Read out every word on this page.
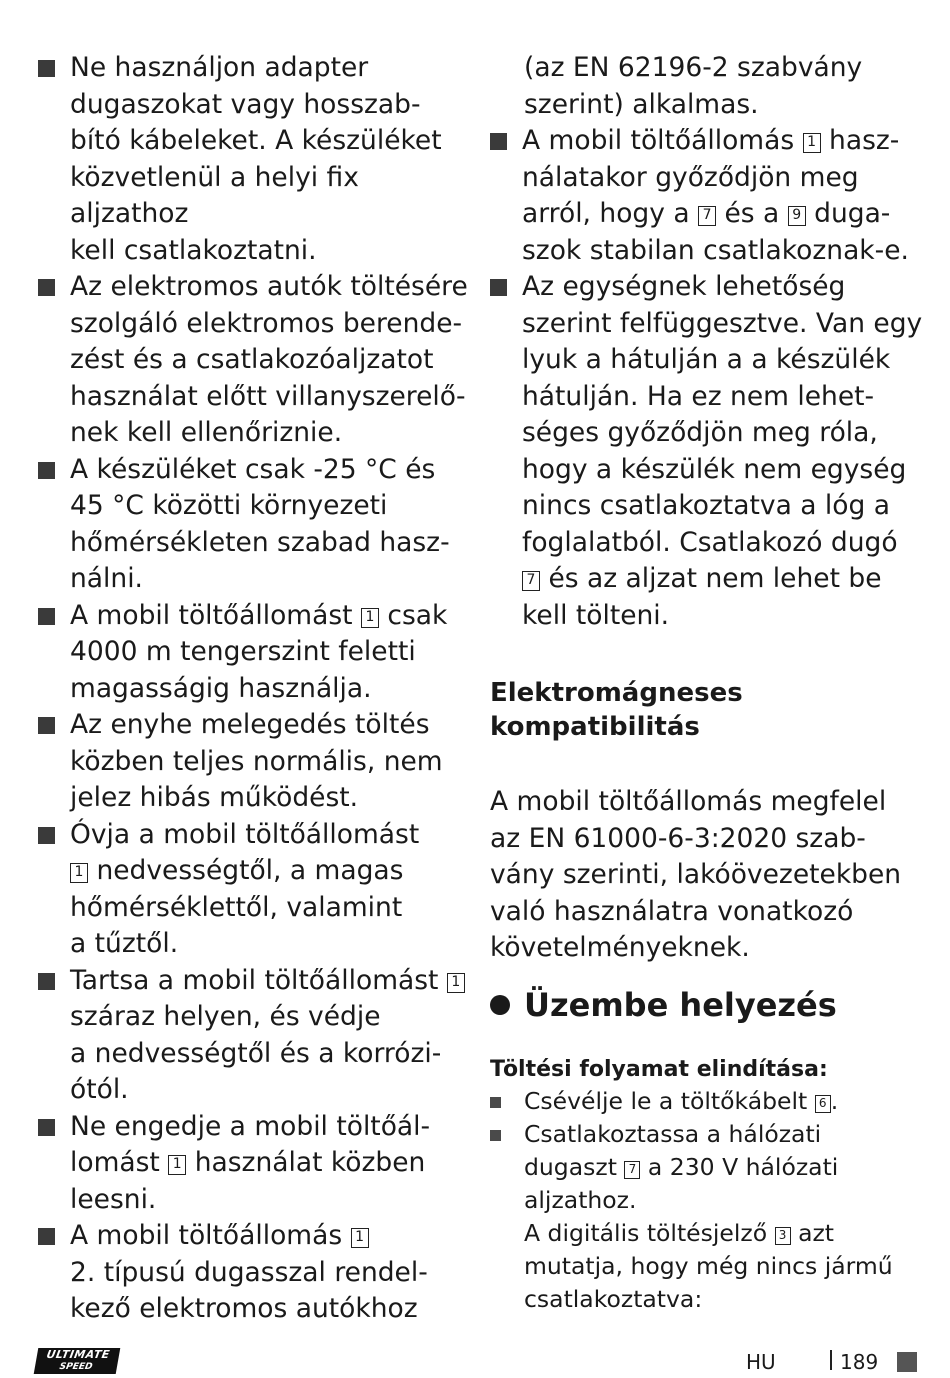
Ne használjon adapter
dugaszokat vagy hosszab-
bító kábeleket. A készüléket
közvetlenül a helyi fix aljzathoz
kell csatlakoztatni.
Az elektromos autók töltésére
szolgáló elektromos berende-
zést és a csatlakozóaljzatot
használat előtt villanyszerelő-
nek kell ellenőriznie.
A készüléket csak -25 °C és
45 °C közötti környezeti
hőmérsékleten szabad hasz-
nálni.
A mobil töltőállomást 1 csak
4000 m tengerszint feletti
magasságig használja.
Az enyhe melegedés töltés
közben teljes normális, nem
jelez hibás működést.
Óvja a mobil töltőállomást
1 nedvességtől, a magas
hőmérséklettől, valamint
a tűztől.
Tartsa a mobil töltőállomást 1
száraz helyen, és védje
a nedvességtől és a korrózi-
ótól.
Ne engedje a mobil töltőál-
lomást 1 használat közben
leesni.
A mobil töltőállomás 1
2. típusú dugasszal rendel-
kező elektromos autókhoz
(az EN 62196-2 szabvány
szerint) alkalmas.
A mobil töltőállomás 1 hasz-
nálatakor győződjön meg
arról, hogy a 7 és a 9 duga-
szok stabilan csatlakoznak-e.
Az egységnek lehetőség
szerint felfüggesztve. Van egy
lyuk a hátulján a a készülék
hátulján. Ha ez nem lehet-
séges győződjön meg róla,
hogy a készülék nem egység
nincs csatlakoztatva a lóg a
foglalatból. Csatlakozó dugó
7 és az aljzat nem lehet be
kell tölteni.
Elektromágneses
kompatibilitás
A mobil töltőállomás megfelel
az EN 61000-6-3:2020 szab-
vány szerinti, lakóövezetekben
való használatra vonatkozó
követelményeknek.
Üzembe helyezés
Töltési folyamat elindítása:
Csévélje le a töltőkábelt 6 .
Csatlakoztassa a hálózati
dugaszt 7 a 230 V hálózati
aljzathoz.
A digitális töltésjelző 3 azt
mutatja, hogy még nincs jármű
csatlakoztatva:
ULTIMATE
SPEED	HU	189
